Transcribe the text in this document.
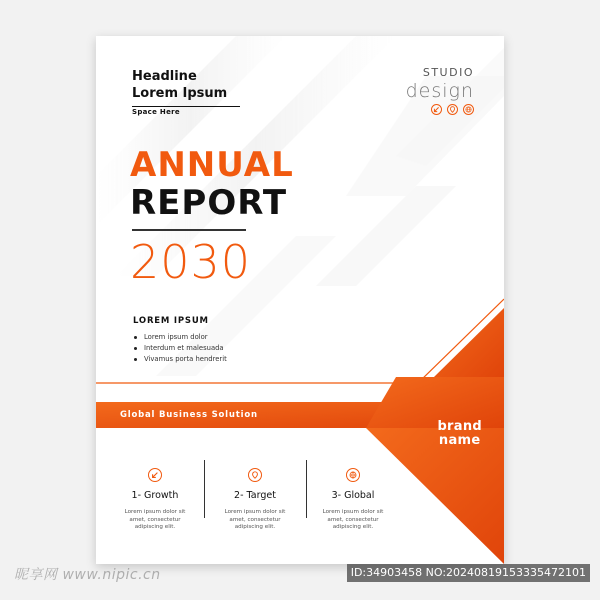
Headline
Lorem Ipsum
Space Here
STUDIO
design
ANNUAL
REPORT
2030
LOREM IPSUM
Lorem ipsum dolor
Interdum et malesuada
Vivamus porta hendrerit
Global Business Solution
brand
name
1- Growth
Lorem ipsum dolor sit
amet, consectetur
adipiscing elit.
2- Target
Lorem ipsum dolor sit
amet, consectetur
adipiscing elit.
3- Global
Lorem ipsum dolor sit
amet, consectetur
adipiscing elit.
昵享网 www.nipic.cn	ID:34903458 NO:20240819153335472101
